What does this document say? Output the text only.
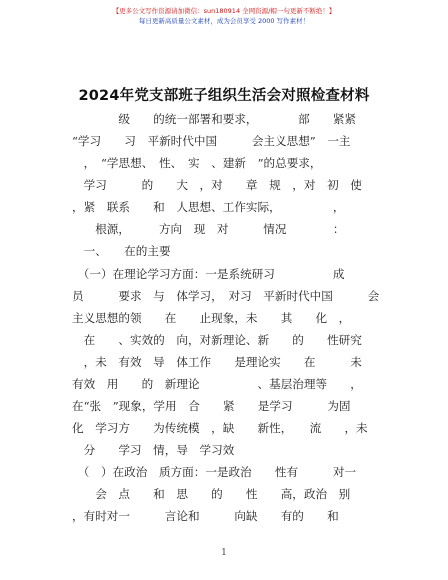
【更多公文写作资源请加微信：sun180914 全网资源/帽一句更新不断绝！】
每日更新高质量公文素材，成为会员享受 2000 写作素材！
2024年党支部班子组织生活会对照检查材料
　　　　级　　的统一部署和要求，　　　　部　　紧紧
“学习　　习　平新时代中国　　　会主义思想”　一主
　，　“学思想、　性、　实　、建新　”的总要求，
　学习　　　的　　大　，对　　章　规　，对　初　使
，紧　联系　　和　人思想、工作实际，　　　　　，
　　根源，　　　方向　现　对　　　情况　　　　：
　一、　　在的主要
　（一）在理论学习方面：一是系统研习　　　　　成
员　　　要求　与　体学习，　对习　平新时代中国　　　会
主义思想的领　　在　　止现象，未　　其　　化　，
　在　　、实效的　向，对新理论、新　　的　　性研究
　，未　有效　导　体工作　　是理论实　　在　　　未
有效　用　　的　新理论　　　　　、基层治理等　　，
在“张　”现象，学用　合　　紧　　是学习　　　为固
化　学习方　　为传统模　，缺　　新性，　　流　　，未
　分　　学习　情，导　学习效
　（　）在政治　质方面：一是政治　　性有　　　对一
　　会　点　　和　思　　的　　性　　高，政治　别
，有时对一　　　言论和　　　向缺　　有的　　和
1
